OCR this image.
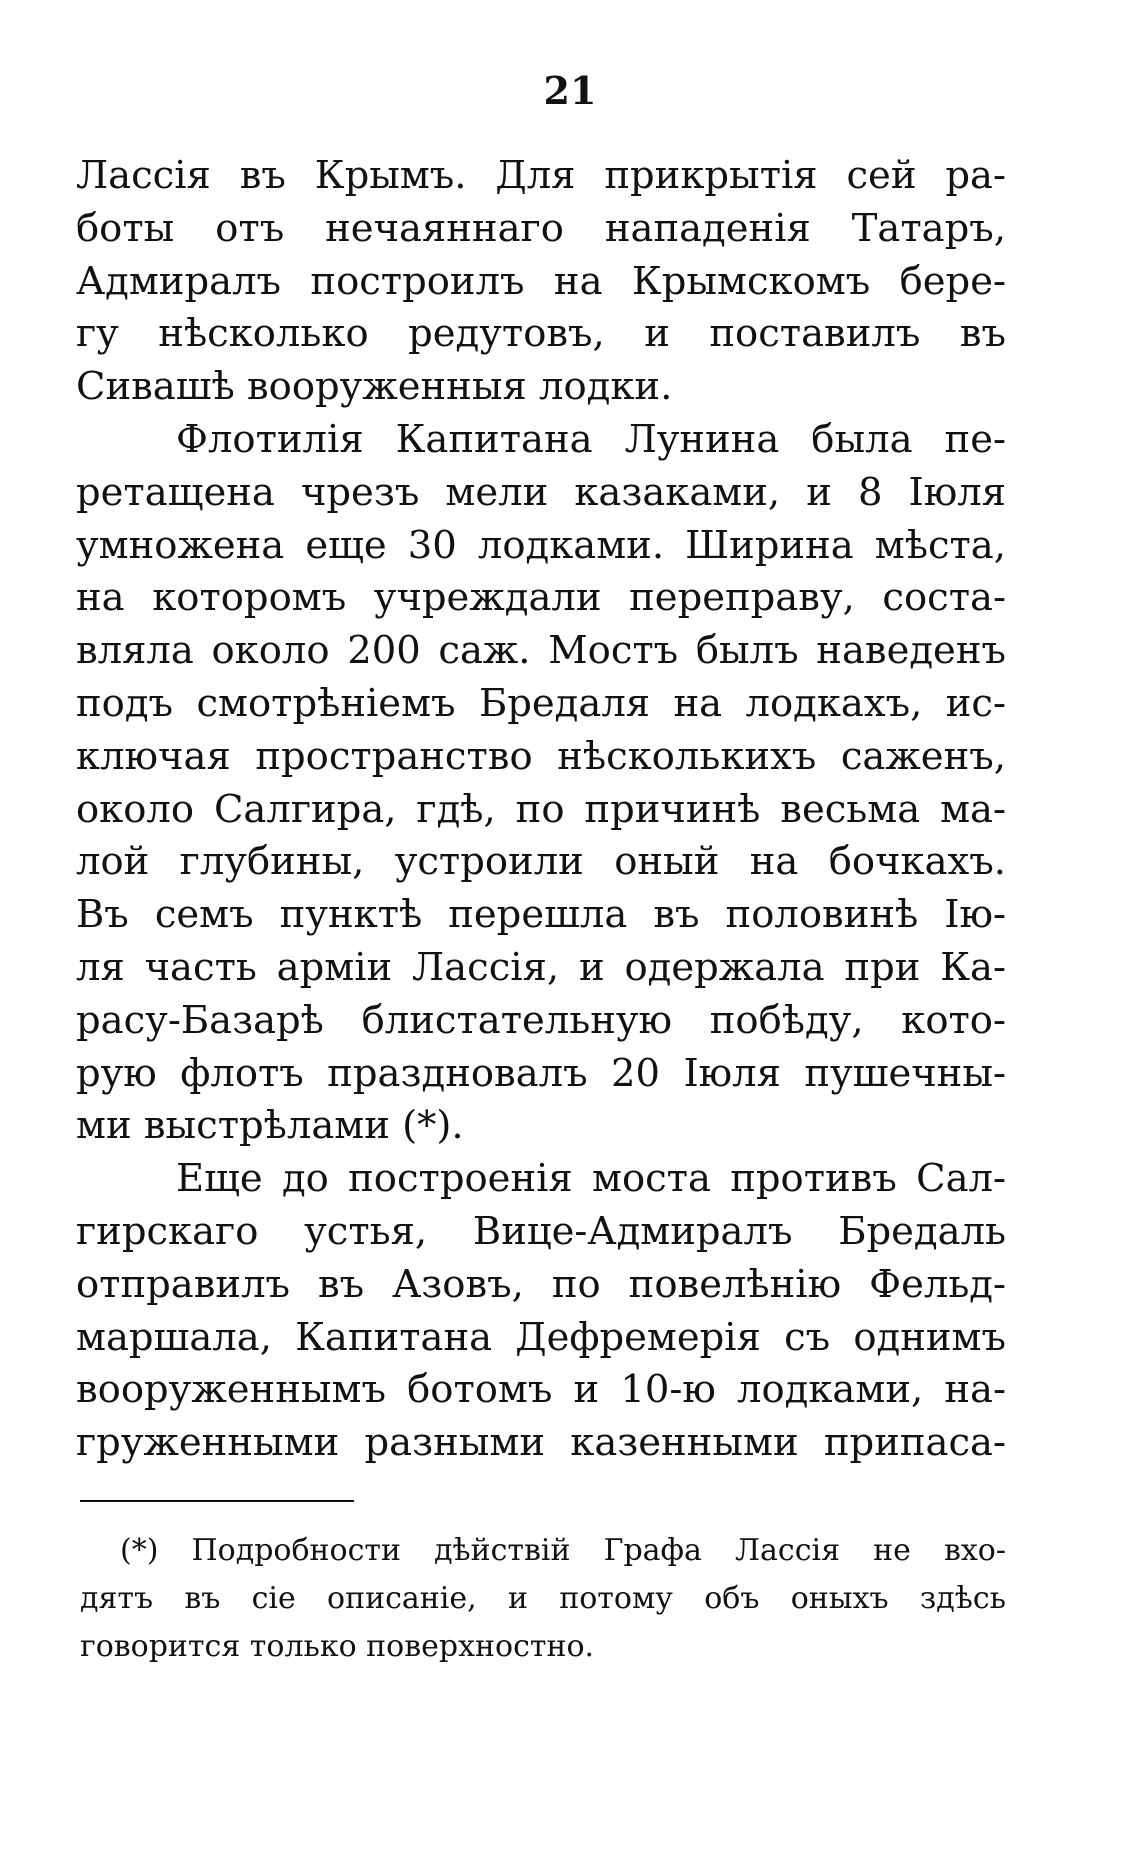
21
Лассія въ Крымъ. Для прикрытія сей ра-
боты отъ нечаяннаго нападенія Татаръ,
Адмиралъ построилъ на Крымскомъ бере-
гу нѣсколько редутовъ, и поставилъ въ
Сивашѣ вооруженныя лодки.
Флотилія Капитана Лунина была пе-
ретащена чрезъ мели казаками, и 8 Іюля
умножена еще 30 лодками. Ширина мѣста,
на которомъ учреждали переправу, соста-
вляла около 200 саж. Мостъ былъ наведенъ
подъ смотрѣніемъ Бредаля на лодкахъ, ис-
ключая пространство нѣсколькихъ саженъ,
около Салгира, гдѣ, по причинѣ весьма ма-
лой глубины, устроили оный на бочкахъ.
Въ семъ пунктѣ перешла въ половинѣ Ію-
ля часть арміи Лассія, и одержала при Ка-
расу-Базарѣ блистательную побѣду, кото-
рую флотъ праздновалъ 20 Іюля пушечны-
ми выстрѣлами (*).
Еще до построенія моста противъ Сал-
гирскаго устья, Вице-Адмиралъ Бредаль
отправилъ въ Азовъ, по повелѣнію Фельд-
маршала, Капитана Дефремерія съ однимъ
вооруженнымъ ботомъ и 10-ю лодками, на-
груженными разными казенными припаса-
(*) Подробности дѣйствій Графа Лассія не вхо-
дятъ въ сіе описаніе, и потому объ оныхъ здѣсь
говорится только поверхностно.
